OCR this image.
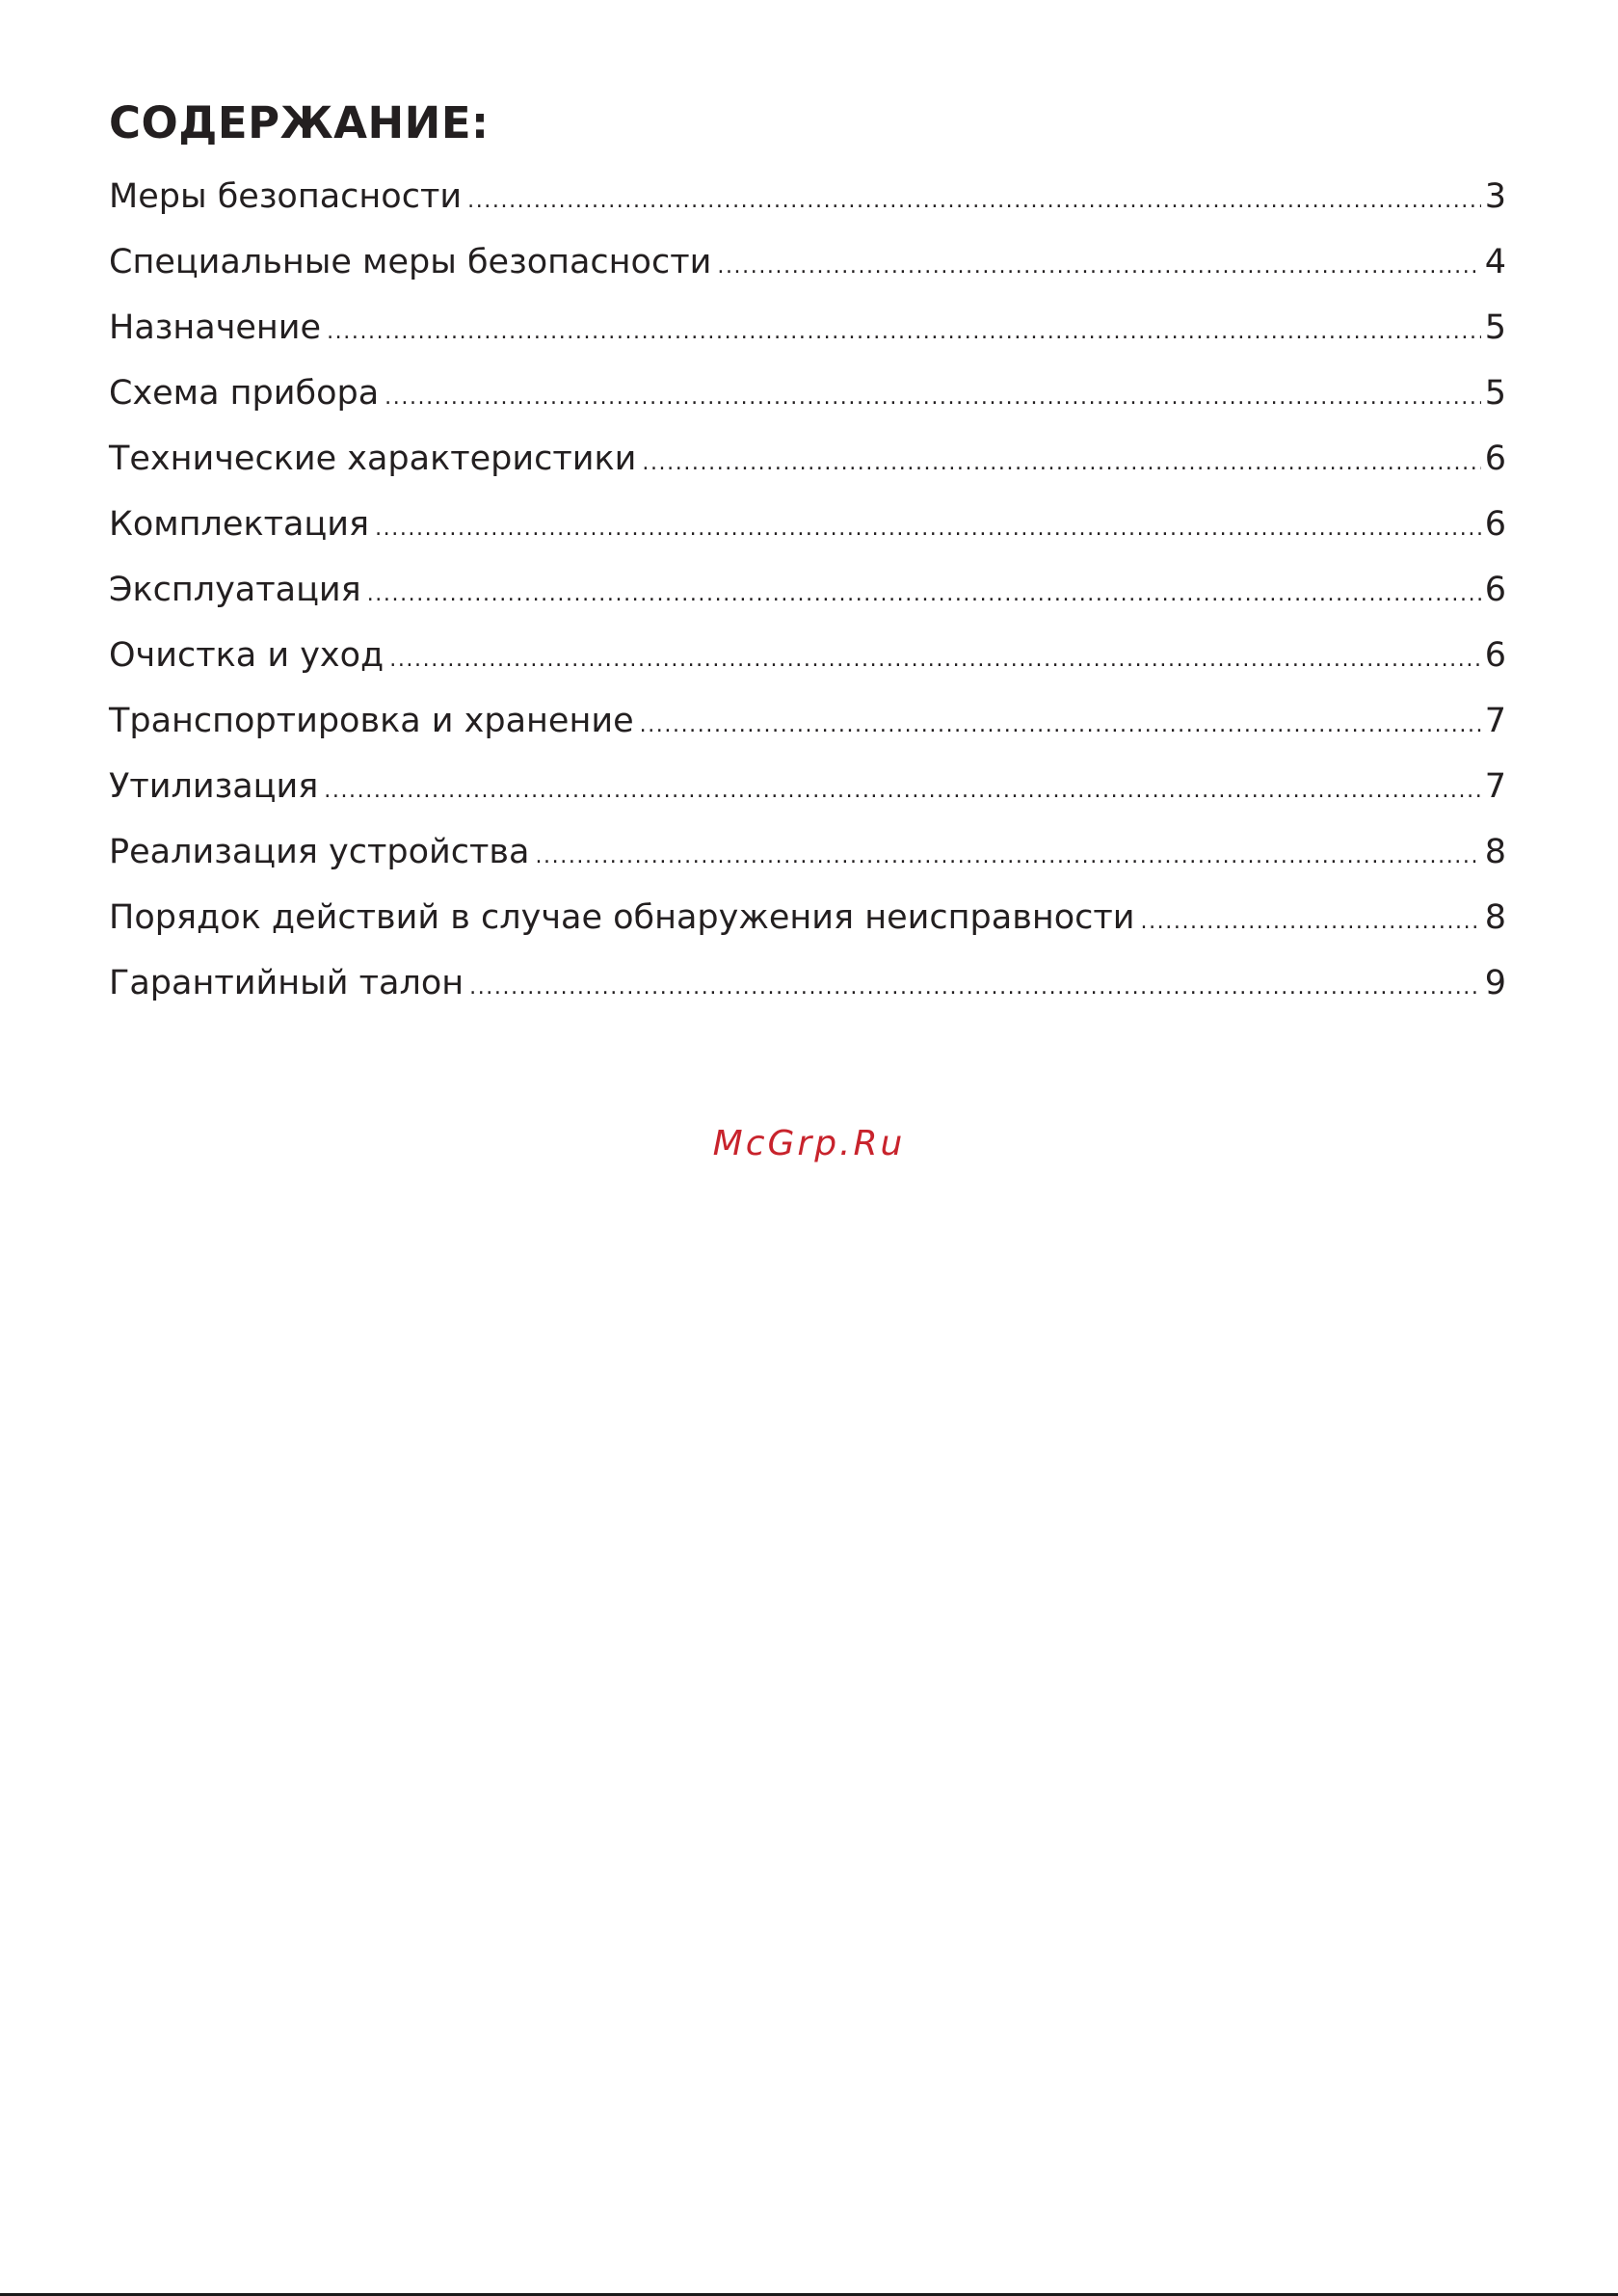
СОДЕРЖАНИЕ:
Меры безопасности .....	3
Специальные меры безопасности .....	4
Назначение .....	5
Схема прибора .....	5
Технические характеристики .....	6
Комплектация .....	6
Эксплуатация .....	6
Очистка и уход .....	6
Транспортировка и хранение .....	7
Утилизация .....	7
Реализация устройства .....	8
Порядок действий в случае обнаружения неисправности .....	8
Гарантийный талон .....	9
McGrp.Ru
